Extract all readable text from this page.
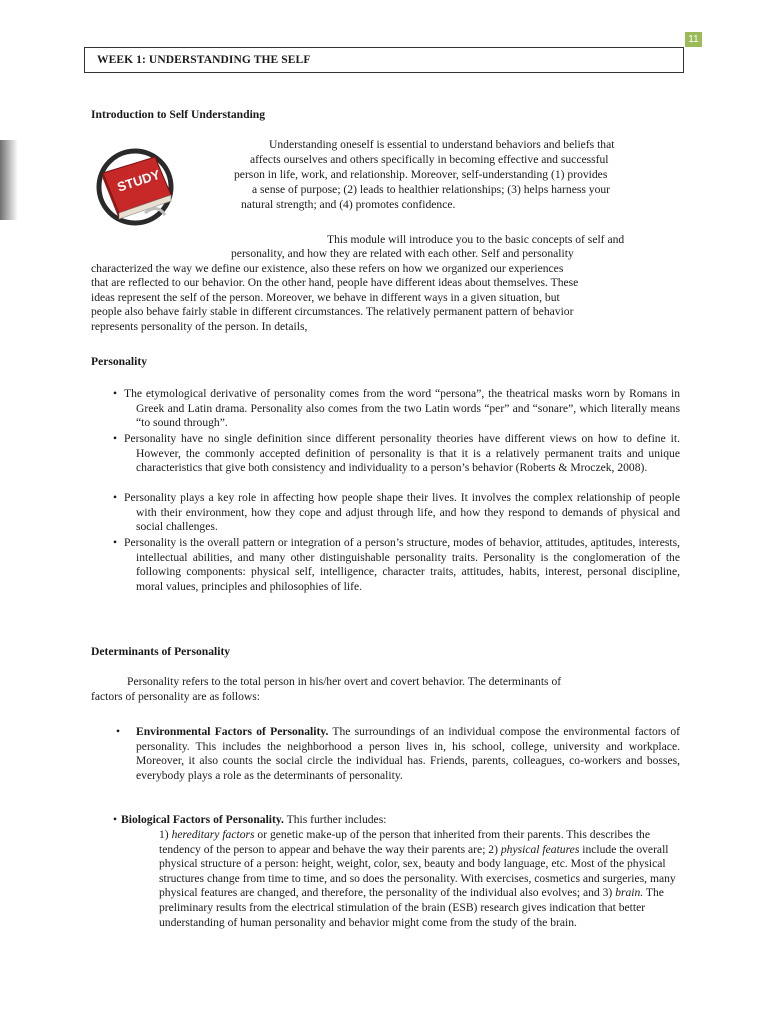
11
WEEK 1: UNDERSTANDING THE SELF
Introduction to Self Understanding
STUDY
Understanding oneself is essential to understand behaviors and beliefs that
affects ourselves and others specifically in becoming effective and successful
person in life, work, and relationship. Moreover, self-understanding (1) provides
a sense of purpose; (2) leads to healthier relationships; (3) helps harness your
natural strength; and (4) promotes confidence.
This module will introduce you to the basic concepts of self and
personality, and how they are related with each other. Self and personality
characterized the way we define our existence, also these refers on how we organized our experiences
that are reflected to our behavior. On the other hand, people have different ideas about themselves. These
ideas represent the self of the person. Moreover, we behave in different ways in a given situation, but
people also behave fairly stable in different circumstances. The relatively permanent pattern of behavior
represents personality of the person. In details,
Personality
• The etymological derivative of personality comes from the word “persona”, the theatrical masks worn by Romans in Greek and Latin drama. Personality also comes from the two Latin words “per” and “sonare”, which literally means “to sound through”.
• Personality have no single definition since different personality theories have different views on how to define it. However, the commonly accepted definition of personality is that it is a relatively permanent traits and unique characteristics that give both consistency and individuality to a person’s behavior (Roberts & Mroczek, 2008).
• Personality plays a key role in affecting how people shape their lives. It involves the complex relationship of people with their environment, how they cope and adjust through life, and how they respond to demands of physical and social challenges.
• Personality is the overall pattern or integration of a person’s structure, modes of behavior, attitudes, aptitudes, interests, intellectual abilities, and many other distinguishable personality traits. Personality is the conglomeration of the following components: physical self, intelligence, character traits, attitudes, habits, interest, personal discipline, moral values, principles and philosophies of life.
Determinants of Personality
Personality refers to the total person in his/her overt and covert behavior. The determinants of
factors of personality are as follows:
• Environmental Factors of Personality. The surroundings of an individual compose the environmental factors of personality. This includes the neighborhood a person lives in, his school, college, university and workplace. Moreover, it also counts the social circle the individual has. Friends, parents, colleagues, co-workers and bosses, everybody plays a role as the determinants of personality.
• Biological Factors of Personality. This further includes:
1) hereditary factors or genetic make-up of the person that inherited from their parents. This describes the tendency of the person to appear and behave the way their parents are; 2) physical features include the overall physical structure of a person: height, weight, color, sex, beauty and body language, etc. Most of the physical structures change from time to time, and so does the personality. With exercises, cosmetics and surgeries, many physical features are changed, and therefore, the personality of the individual also evolves; and 3) brain. The preliminary results from the electrical stimulation of the brain (ESB) research gives indication that better understanding of human personality and behavior might come from the study of the brain.
